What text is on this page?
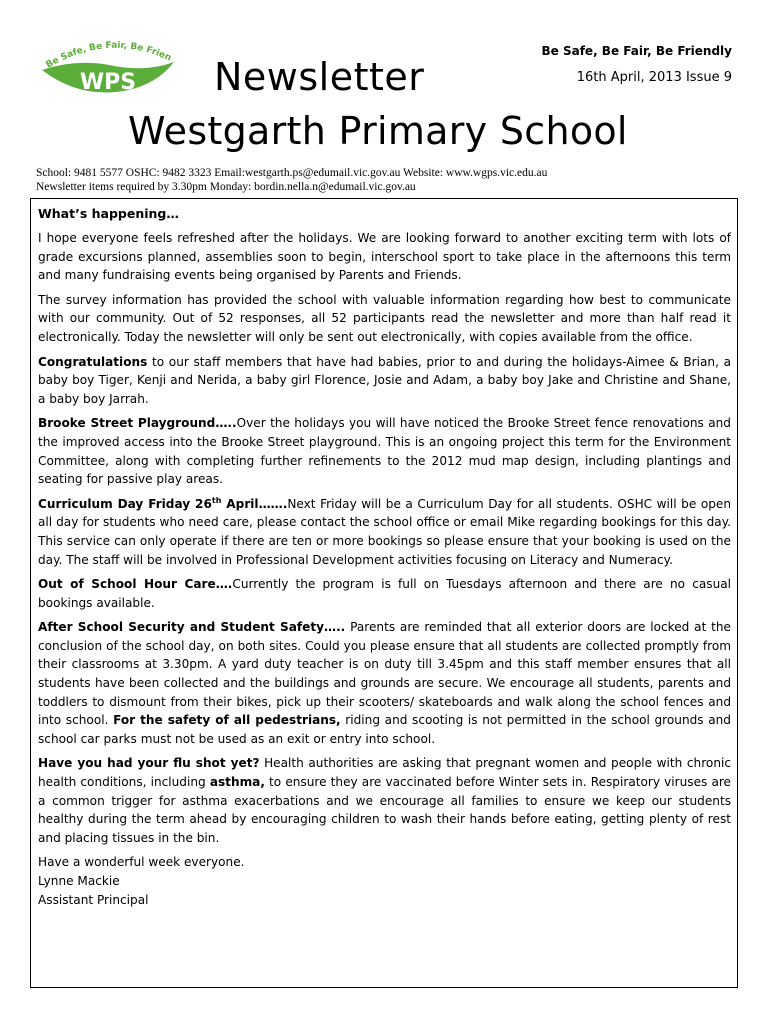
Be Safe, Be Fair, Be Frien
WPS Newsletter
Westgarth Primary School
Be Safe, Be Fair, Be Friendly
16th April, 2013 Issue 9
School: 9481 5577 OSHC: 9482 3323 Email:westgarth.ps@edumail.vic.gov.au Website: www.wgps.vic.edu.au
Newsletter items required by 3.30pm Monday: bordin.nella.n@edumail.vic.gov.au
What’s happening…

I hope everyone feels refreshed after the holidays. We are looking forward to another exciting term with lots of grade excursions planned, assemblies soon to begin, interschool sport to take place in the afternoons this term and many fundraising events being organised by Parents and Friends.

The survey information has provided the school with valuable information regarding how best to communicate with our community. Out of 52 responses, all 52 participants read the newsletter and more than half read it electronically. Today the newsletter will only be sent out electronically, with copies available from the office.

Congratulations to our staff members that have had babies, prior to and during the holidays-Aimee & Brian, a baby boy Tiger, Kenji and Nerida, a baby girl Florence, Josie and Adam, a baby boy Jake and Christine and Shane, a baby boy Jarrah.

Brooke Street Playground…..Over the holidays you will have noticed the Brooke Street fence renovations and the improved access into the Brooke Street playground. This is an ongoing project this term for the Environment Committee, along with completing further refinements to the 2012 mud map design, including plantings and seating for passive play areas.

Curriculum Day Friday 26th April…….Next Friday will be a Curriculum Day for all students. OSHC will be open all day for students who need care, please contact the school office or email Mike regarding bookings for this day. This service can only operate if there are ten or more bookings so please ensure that your booking is used on the day. The staff will be involved in Professional Development activities focusing on Literacy and Numeracy.

Out of School Hour Care….Currently the program is full on Tuesdays afternoon and there are no casual bookings available.

After School Security and Student Safety….. Parents are reminded that all exterior doors are locked at the conclusion of the school day, on both sites. Could you please ensure that all students are collected promptly from their classrooms at 3.30pm. A yard duty teacher is on duty till 3.45pm and this staff member ensures that all students have been collected and the buildings and grounds are secure. We encourage all students, parents and toddlers to dismount from their bikes, pick up their scooters/ skateboards and walk along the school fences and into school. For the safety of all pedestrians, riding and scooting is not permitted in the school grounds and school car parks must not be used as an exit or entry into school.

Have you had your flu shot yet? Health authorities are asking that pregnant women and people with chronic health conditions, including asthma, to ensure they are vaccinated before Winter sets in. Respiratory viruses are a common trigger for asthma exacerbations and we encourage all families to ensure we keep our students healthy during the term ahead by encouraging children to wash their hands before eating, getting plenty of rest and placing tissues in the bin.

Have a wonderful week everyone.
Lynne Mackie
Assistant Principal
